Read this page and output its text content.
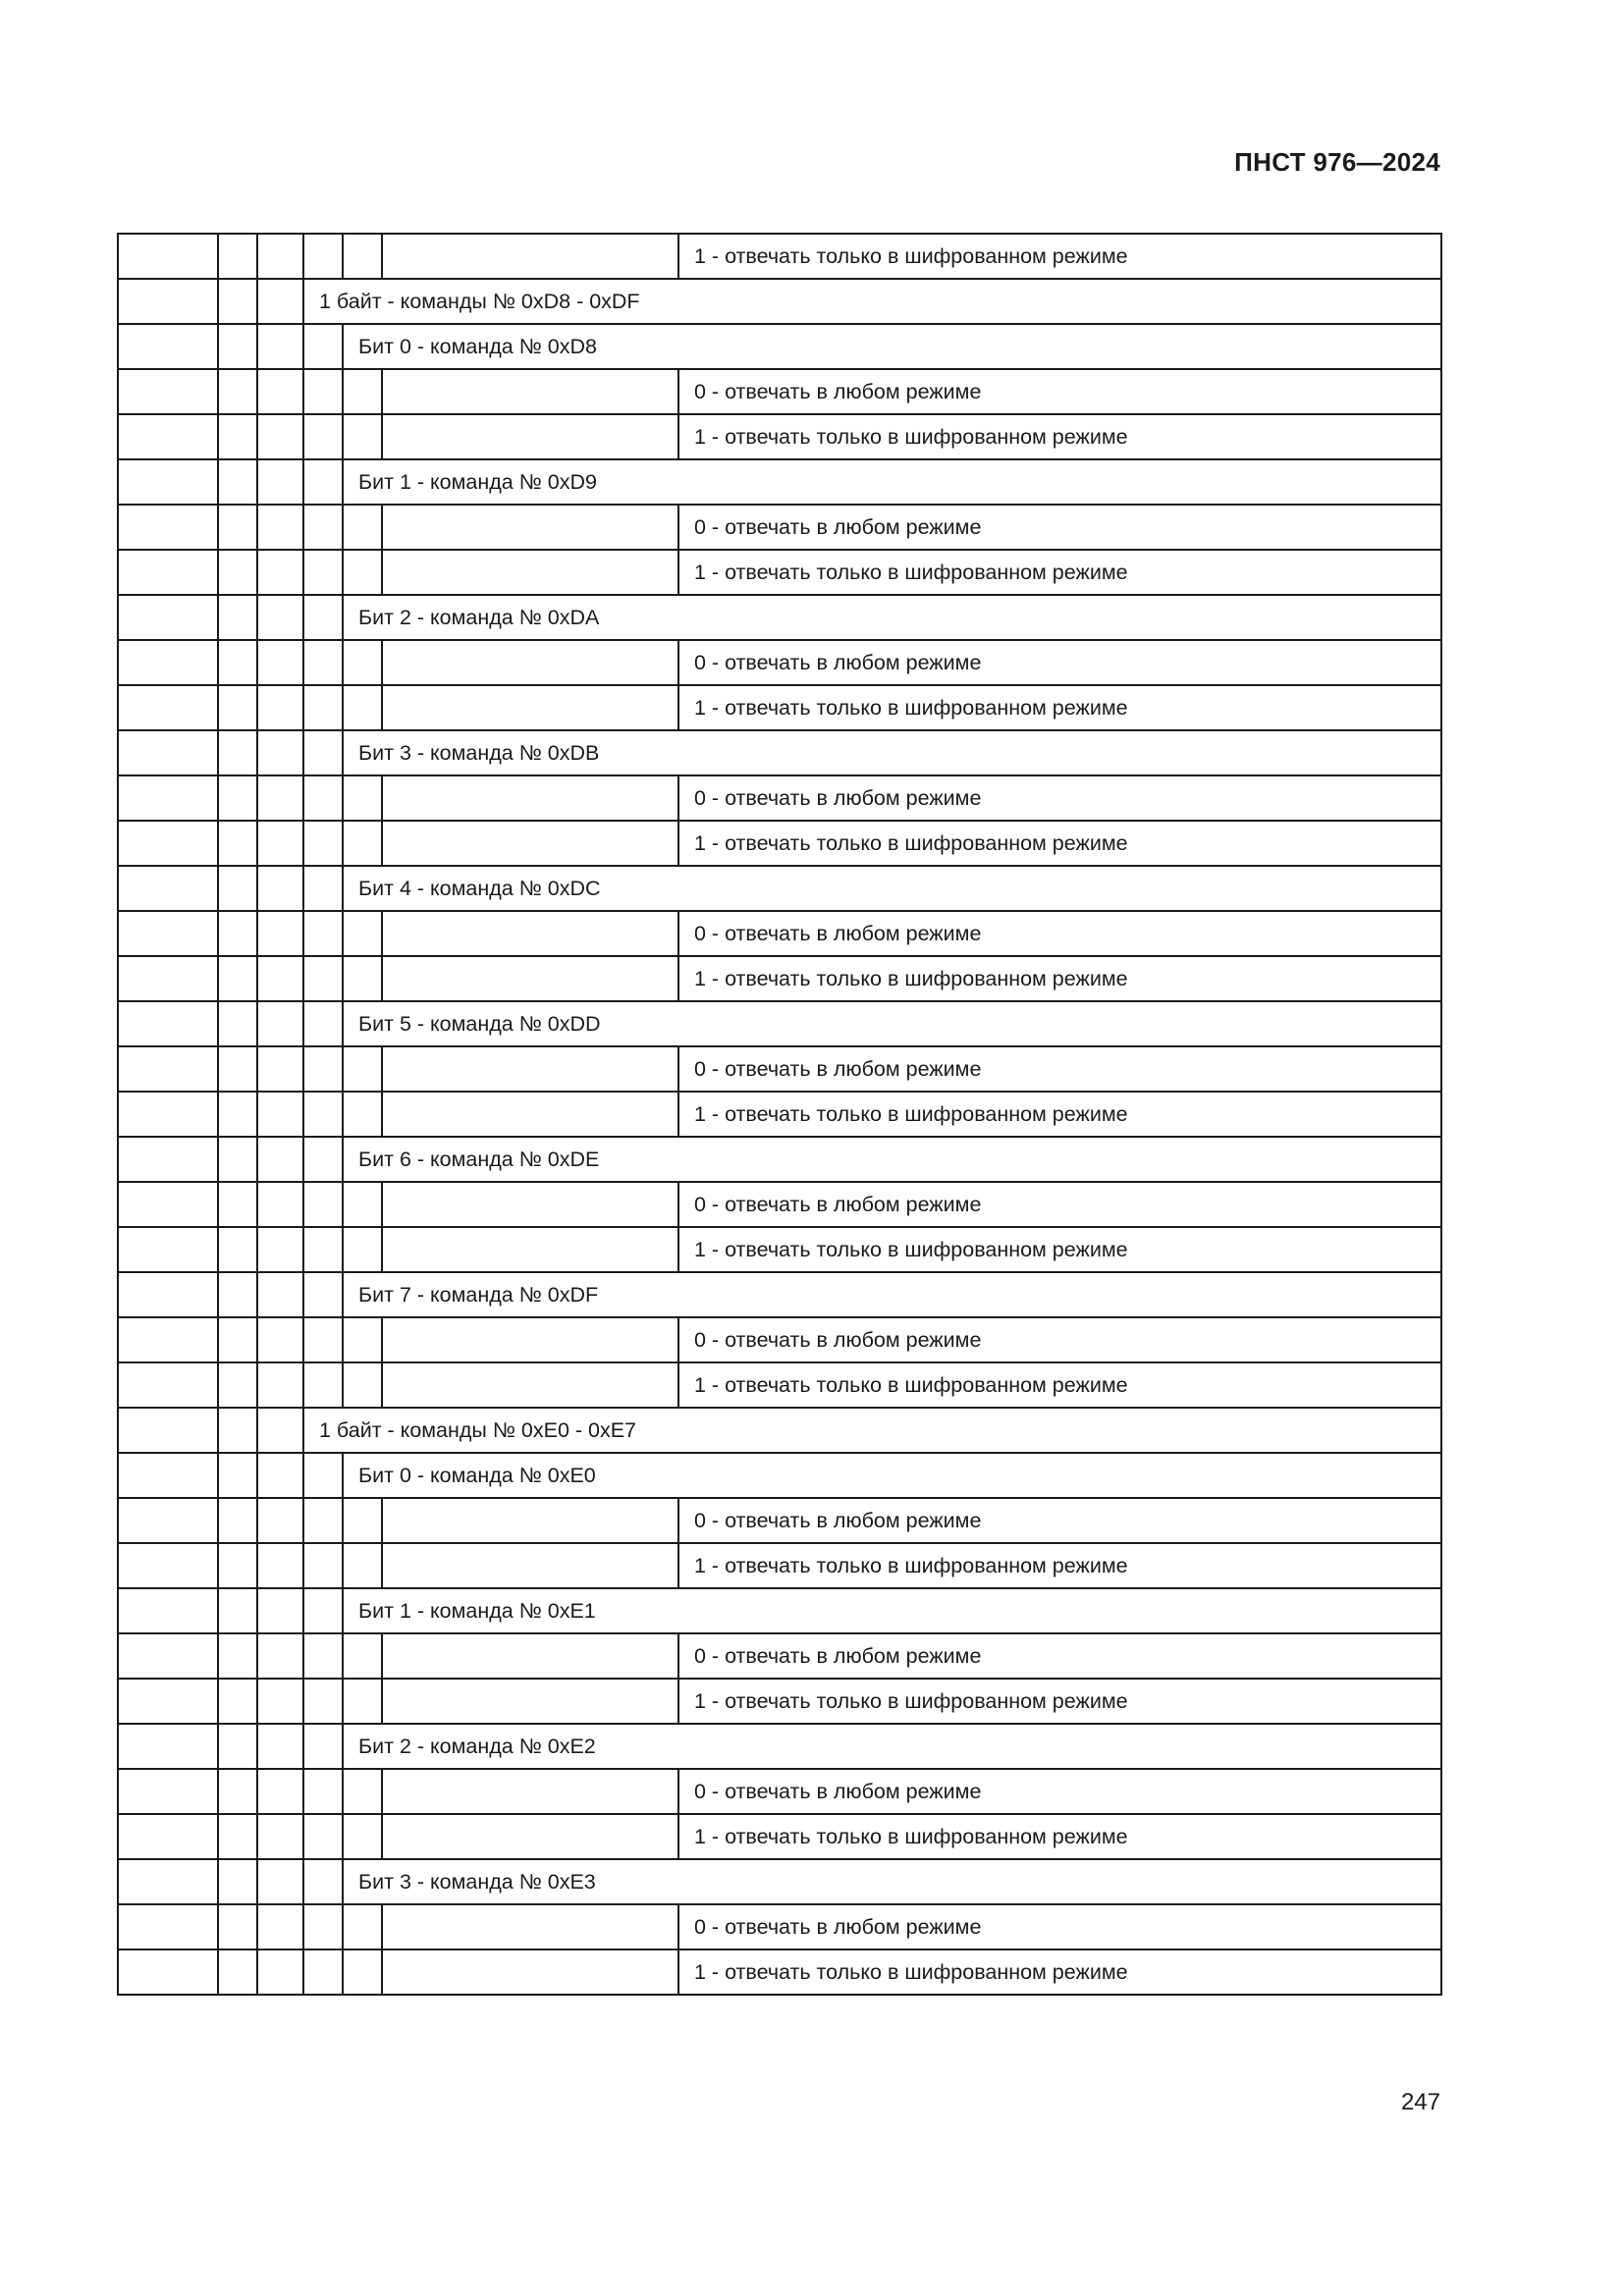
ПНСТ 976—2024
						1 - отвечать только в шифрованном режиме
			1 байт - команды № 0xD8 - 0xDF			
				Бит 0 - команда № 0xD8		
						0 - отвечать в любом режиме
						1 - отвечать только в шифрованном режиме
				Бит 1 - команда № 0xD9		
						0 - отвечать в любом режиме
						1 - отвечать только в шифрованном режиме
				Бит 2 - команда № 0xDA		
						0 - отвечать в любом режиме
						1 - отвечать только в шифрованном режиме
				Бит 3 - команда № 0xDB		
						0 - отвечать в любом режиме
						1 - отвечать только в шифрованном режиме
				Бит 4 - команда № 0xDC		
						0 - отвечать в любом режиме
						1 - отвечать только в шифрованном режиме
				Бит 5 - команда № 0xDD		
						0 - отвечать в любом режиме
						1 - отвечать только в шифрованном режиме
				Бит 6 - команда № 0xDE		
						0 - отвечать в любом режиме
						1 - отвечать только в шифрованном режиме
				Бит 7 - команда № 0xDF		
						0 - отвечать в любом режиме
						1 - отвечать только в шифрованном режиме
			1 байт - команды № 0xE0 - 0xE7			
				Бит 0 - команда № 0xE0		
						0 - отвечать в любом режиме
						1 - отвечать только в шифрованном режиме
				Бит 1 - команда № 0xE1		
						0 - отвечать в любом режиме
						1 - отвечать только в шифрованном режиме
				Бит 2 - команда № 0xE2		
						0 - отвечать в любом режиме
						1 - отвечать только в шифрованном режиме
				Бит 3 - команда № 0xE3		
						0 - отвечать в любом режиме
						1 - отвечать только в шифрованном режиме
247
